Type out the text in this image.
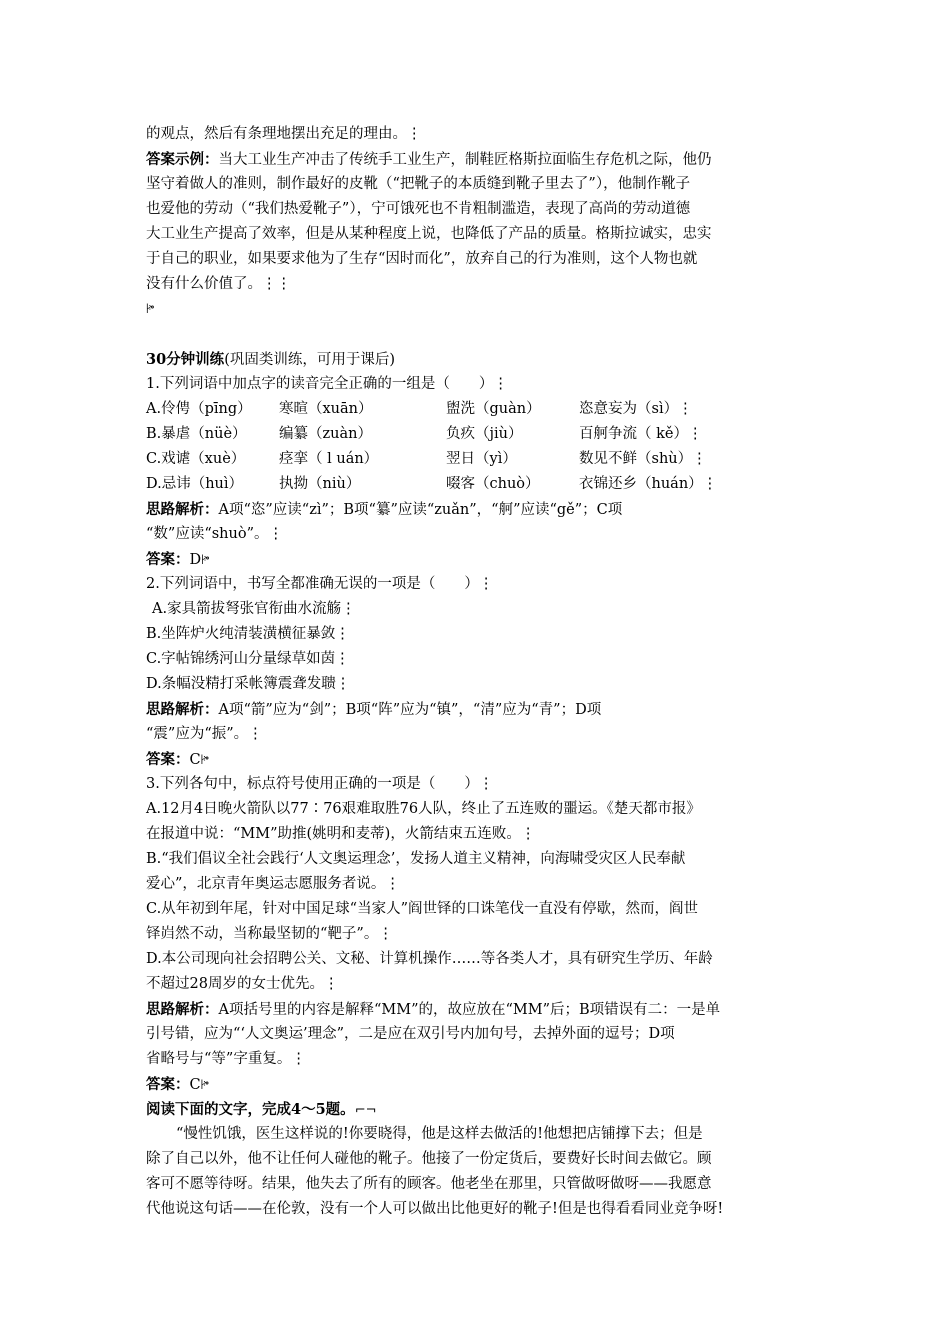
的观点，然后有条理地摆出充足的理由。⋮
答案示例：当大工业生产冲击了传统手工业生产，制鞋匠格斯拉面临生存危机之际，他仍
坚守着做人的准则，制作最好的皮靴（“把靴子的本质缝到靴子里去了”），他制作靴子
也爱他的劳动（“我们热爱靴子”），宁可饿死也不肯粗制滥造，表现了高尚的劳动道德
大工业生产提高了效率，但是从某种程度上说，也降低了产品的质量。格斯拉诚实，忠实
于自己的职业，如果要求他为了生存“因时而化”，放弃自己的行为准则，这个人物也就
没有什么价值了。⋮⋮
ꔶ
30分钟训练(巩固类训练，可用于课后)
1.下列词语中加点字的读音完全正确的一组是（　　）⋮
A.伶俜（pīng）	寒暄（xuān）	盥洗（guàn）	恣意妄为（sì）⋮
B.暴虐（nüè）	编纂（zuàn）	负疚（jiù）	百舸争流（ kě）⋮
C.戏谑（xuè）	痉挛（ l uán）	翌日（yì）	数见不鲜（shù）⋮
D.忌讳（huì）	执拗（niù）	啜客（chuò）	衣锦还乡（huán）⋮
思路解析：A项“恣”应读“zì”；B项“纂”应读“zuǎn”，“舸”应读“gě”；C项
“数”应读“shuò”。⋮
答案：Dꔶ
2.下列词语中，书写全都准确无误的一项是（　　）⋮
A.家具箭拔弩张官衔曲水流觞⋮
B.坐阵炉火纯清装潢横征暴敛⋮
C.字帖锦绣河山分量绿草如茵⋮
D.条幅没精打采帐簿震聋发聩⋮
思路解析：A项“箭”应为“剑”；B项“阵”应为“镇”，“清”应为“青”；D项
“震”应为“振”。⋮
答案：Cꔶ
3.下列各句中，标点符号使用正确的一项是（　　）⋮
A.12月4日晚火箭队以77∶76艰难取胜76人队，终止了五连败的噩运。《楚天都市报》
在报道中说：“MM”助推(姚明和麦蒂)，火箭结束五连败。⋮
B.“我们倡议全社会践行‘人文奥运理念’，发扬人道主义精神，向海啸受灾区人民奉献
爱心”，北京青年奥运志愿服务者说。⋮
C.从年初到年尾，针对中国足球“当家人”阎世铎的口诛笔伐一直没有停歇，然而，阎世
铎岿然不动，当称最坚韧的“靶子”。⋮
D.本公司现向社会招聘公关、文秘、计算机操作……等各类人才，具有研究生学历、年龄
不超过28周岁的女士优先。⋮
思路解析：A项括号里的内容是解释“MM”的，故应放在“MM”后；B项错误有二：一是单
引号错，应为“‘人文奥运’理念”，二是应在双引号内加句号，去掉外面的逗号；D项
省略号与“等”字重复。⋮
答案：Cꔶ
阅读下面的文字，完成4～5题。⌐¬
“慢性饥饿，医生这样说的!你要晓得，他是这样去做活的!他想把店铺撑下去；但是
除了自己以外，他不让任何人碰他的靴子。他接了一份定货后，要费好长时间去做它。顾
客可不愿等待呀。结果，他失去了所有的顾客。他老坐在那里，只管做呀做呀——我愿意
代他说这句话——在伦敦，没有一个人可以做出比他更好的靴子!但是也得看看同业竞争呀!
